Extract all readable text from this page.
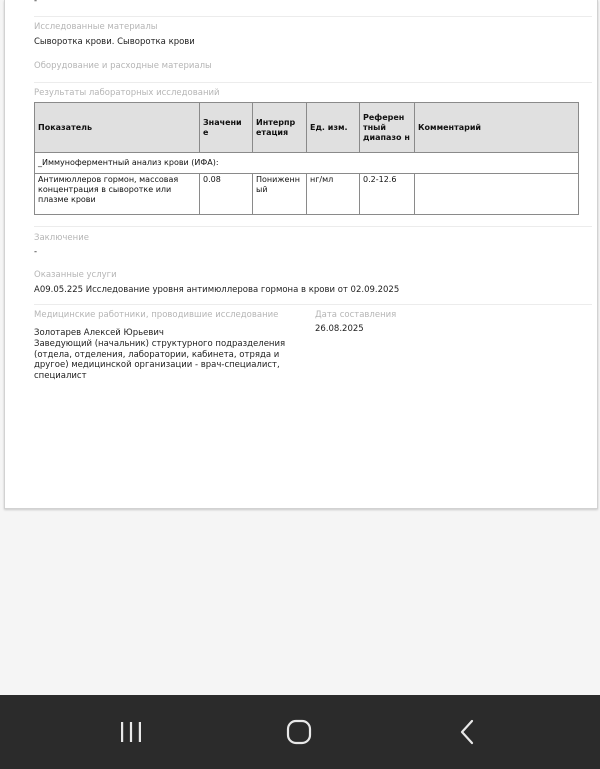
-
Исследованные материалы
Сыворотка крови. Сыворотка крови
Оборудование и расходные материалы
Результаты лабораторных исследований
Показатель	Значени е	Интерпр етация	Ед. изм.	Референ тный диапазо н	Комментарий
_Иммуноферментный анализ крови (ИФА):					
Антимюллеров гормон, массовая концентрация в сыворотке или плазме крови	0.08	Пониженн ый	нг/мл	0.2-12.6	
Заключение
-
Оказанные услуги
A09.05.225 Исследование уровня антимюллерова гормона в крови от 02.09.2025
Медицинские работники, проводившие исследование
Золотарев Алексей Юрьевич
Заведующий (начальник) структурного подразделения (отдела, отделения, лаборатории, кабинета, отряда и другое) медицинской организации - врач-специалист, специалист
Дата составления
26.08.2025
